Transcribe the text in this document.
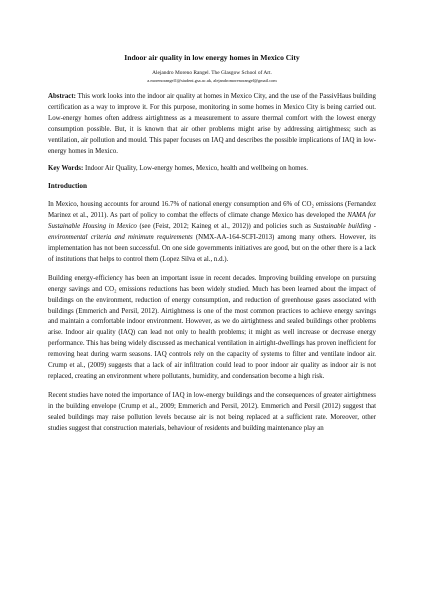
Indoor air quality in low energy homes in Mexico City
Alejandro Moreno Rangel. The Glasgow School of Art.
a.morenorangel1@student.gsa.ac.uk, alejandromorenorangel@gmail.com

Abstract: This work looks into the indoor air quality at homes in Mexico City, and the use of the PassivHaus building certification as a way to improve it. For this purpose, monitoring in some homes in Mexico City is being carried out. Low-energy homes often address airtightness as a measurement to assure thermal comfort with the lowest energy consumption possible. But, it is known that air other problems might arise by addressing airtightness; such as ventilation, air pollution and mould. This paper focuses on IAQ and describes the possible implications of IAQ in low-energy homes in Mexico.

Key Words: Indoor Air Quality, Low-energy homes, Mexico, health and wellbeing on homes.

Introduction

In Mexico, housing accounts for around 16.7% of national energy consumption and 6% of CO₂ emissions (Fernandez Marinez et al., 2011). As part of policy to combat the effects of climate change Mexico has developed the NAMA for Sustainable Housing in Mexico (see (Feist, 2012; Kaineg et al., 2012)) and policies such as Sustainable building - environmental criteria and minimum requirements (NMX-AA-164-SCFI-2013) among many others. However, its implementation has not been successful. On one side governments initiatives are good, but on the other there is a lack of institutions that helps to control them (Lopez Silva et al., n.d.).

Building energy-efficiency has been an important issue in recent decades. Improving building envelope on pursuing energy savings and CO₂ emissions reductions has been widely studied. Much has been learned about the impact of buildings on the environment, reduction of energy consumption, and reduction of greenhouse gases associated with buildings (Emmerich and Persil, 2012). Airtightness is one of the most common practices to achieve energy savings and maintain a comfortable indoor environment. However, as we do airtightness and sealed buildings other problems arise. Indoor air quality (IAQ) can lead not only to health problems; it might as well increase or decrease energy performance. This has being widely discussed as mechanical ventilation in airtight-dwellings has proven inefficient for removing heat during warm seasons. IAQ controls rely on the capacity of systems to filter and ventilate indoor air. Crump et al., (2009) suggests that a lack of air infiltration could lead to poor indoor air quality as indoor air is not replaced, creating an environment where pollutants, humidity, and condensation become a high risk.

Recent studies have noted the importance of IAQ in low-energy buildings and the consequences of greater airtightness in the building envelope (Crump et al., 2009; Emmerich and Persil, 2012). Emmerich and Persil (2012) suggest that sealed buildings may raise pollution levels because air is not being replaced at a sufficient rate. Moreover, other studies suggest that construction materials, behaviour of residents and building maintenance play an
